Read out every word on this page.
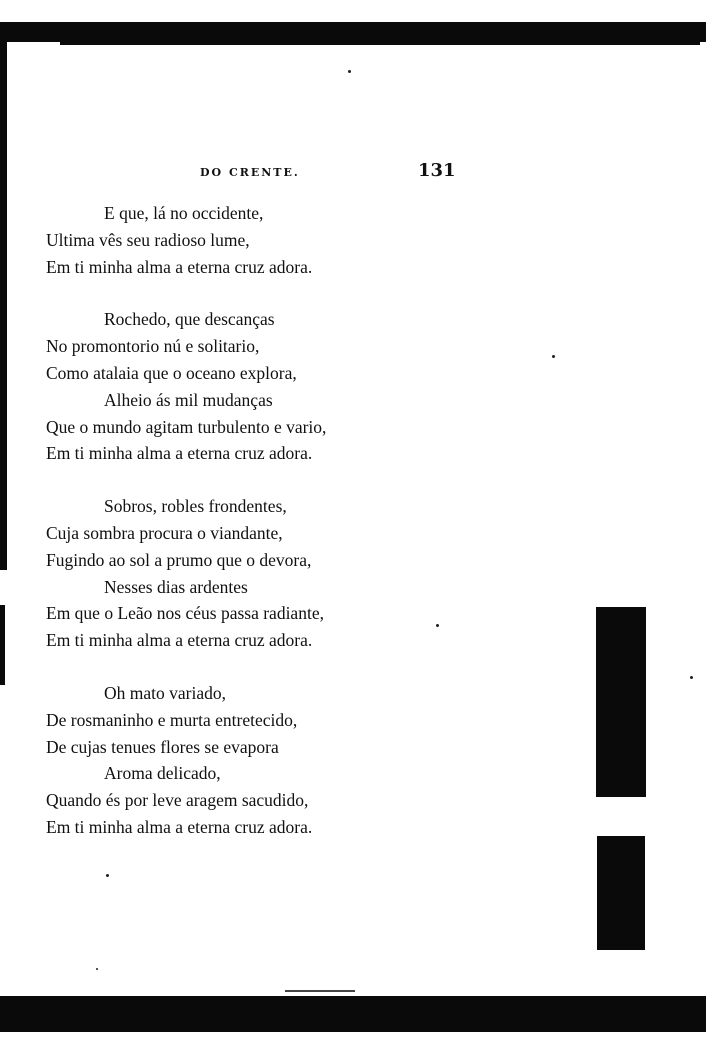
DO CRENTE.	131
E que, lá no occidente,
Ultima vês seu radioso lume,
Em ti minha alma a eterna cruz adora.
Rochedo, que descanças
No promontorio nú e solitario,
Como atalaia que o oceano explora,
Alheio ás mil mudanças
Que o mundo agitam turbulento e vario,
Em ti minha alma a eterna cruz adora.
Sobros, robles frondentes,
Cuja sombra procura o viandante,
Fugindo ao sol a prumo que o devora,
Nesses dias ardentes
Em que o Leão nos céus passa radiante,
Em ti minha alma a eterna cruz adora.
Oh mato variado,
De rosmaninho e murta entretecido,
De cujas tenues flores se evapora
Aroma delicado,
Quando és por leve aragem sacudido,
Em ti minha alma a eterna cruz adora.
